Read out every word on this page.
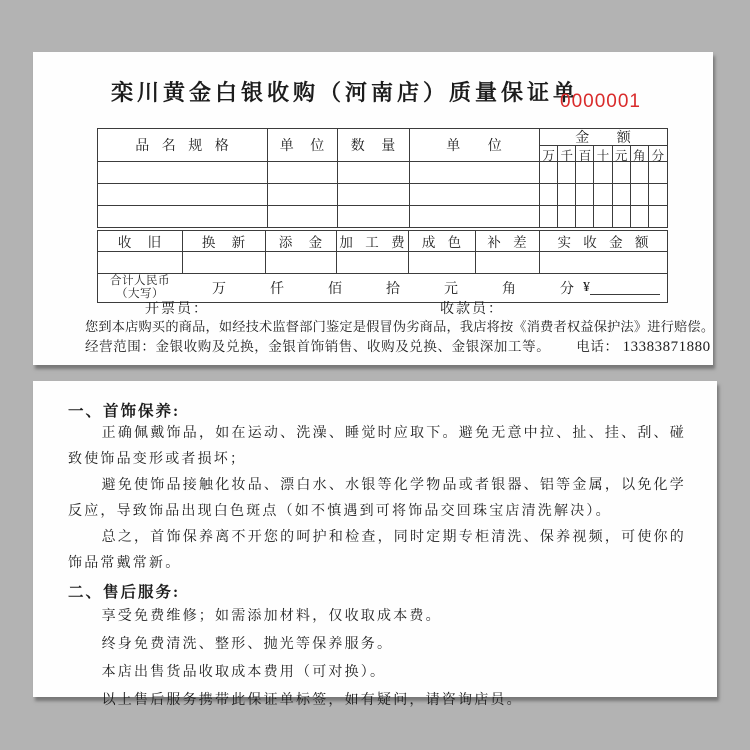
栾川黄金白银收购（河南店）质量保证单
0000001
品 名 规 格	单 位	数 量	单 位
金 额
万 千 百 十 元 角 分
收 旧	换 新	添 金	加 工 费	成 色	补 差	实 收 金 额
合计人民币
（大写）	万	仟	佰	拾	元	角	分 ¥
开票员：	收款员：
您到本店购买的商品，如经技术监督部门鉴定是假冒伪劣商品，我店将按《消费者权益保护法》进行赔偿。
经营范围：金银收购及兑换，金银首饰销售、收购及兑换、金银深加工等。 电话： 13383871880
一、首饰保养:

正确佩戴饰品，如在运动、洗澡、睡觉时应取下。避免无意中拉、扯、挂、刮、碰致使饰品变形或者损坏；

避免使饰品接触化妆品、漂白水、水银等化学物品或者银器、铝等金属，以免化学反应，导致饰品出现白色斑点（如不慎遇到可将饰品交回珠宝店清洗解决）。

总之，首饰保养离不开您的呵护和检查，同时定期专柜清洗、保养视频，可使你的饰品常戴常新。

二、售后服务:

享受免费维修；如需添加材料，仅收取成本费。

终身免费清洗、整形、抛光等保养服务。

本店出售货品收取成本费用（可对换）。

以上售后服务携带此保证单标签，如有疑问，请咨询店员。
